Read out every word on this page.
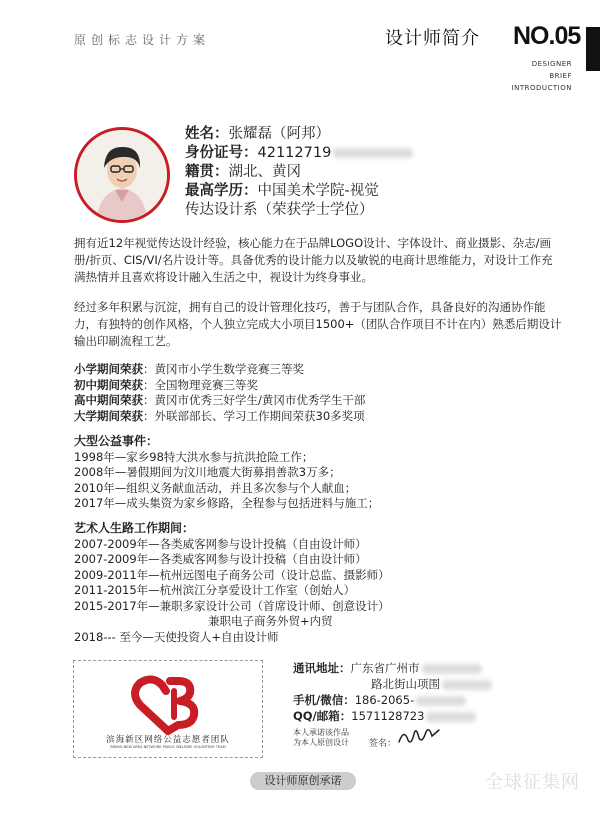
原创标志设计方案	设计师简介 NO.05
DESIGNER
BRIEF
INTRODUCTION
姓名：张耀磊（阿邦）
身份证号：42112719
籍贯：湖北、黄冈
最高学历：中国美术学院-视觉
传达设计系（荣获学士学位）
拥有近12年视觉传达设计经验，核心能力在于品牌LOGO设计、字体设计、商业摄影、杂志/画册/折页、CIS/VI/名片设计等。具备优秀的设计能力以及敏锐的电商计思维能力，对设计工作充满热情并且喜欢将设计融入生活之中，视设计为终身事业。
经过多年积累与沉淀，拥有自己的设计管理化技巧，善于与团队合作，具备良好的沟通协作能力，有独特的创作风格，个人独立完成大小项目1500+（团队合作项目不计在内）熟悉后期设计输出印刷流程工艺。
小学期间荣获：黄冈市小学生数学竞赛三等奖
初中期间荣获：全国物理竞赛三等奖
高中期间荣获：黄冈市优秀三好学生/黄冈市优秀学生干部
大学期间荣获：外联部部长、学习工作期间荣获30多奖项
大型公益事件：
1998年—家乡98特大洪水参与抗洪抢险工作；
2008年—暑假期间为汶川地震大街募捐善款3万多；
2010年—组织义务献血活动，并且多次参与个人献血；
2017年—成头集资为家乡修路，全程参与包括进料与施工；
艺术人生路工作期间：
2007-2009年—各类威客网参与设计投稿（自由设计师）
2007-2009年—各类威客网参与设计投稿（自由设计师）
2009-2011年—杭州远图电子商务公司（设计总监、摄影师）
2011-2015年—杭州滨江分享爱设计工作室（创始人）
2015-2017年—兼职多家设计公司（首席设计师、创意设计）
兼职电子商务外贸+内贸
2018--- 至今—天使投资人+自由设计师
滨海新区网络公益志愿者团队
BINHAI NEW AREA NETWORK PUBLIC WELFARE VOLUNTEER TEAM
通讯地址：广东省广州市
路北街山项围
手机/微信：186-2065-
QQ/邮箱：1571128723
本人承诺该作品
为本人原创设计 签名：
设计师原创承诺	全球征集网
